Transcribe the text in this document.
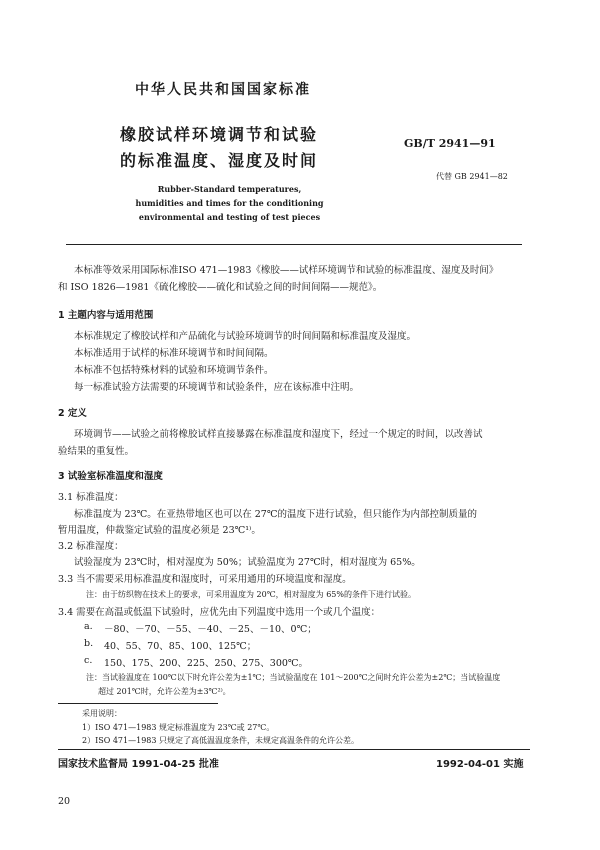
中华人民共和国国家标准
橡胶试样环境调节和试验
的标准温度、湿度及时间
GB/T 2941—91
代替 GB 2941—82
Rubber-Standard temperatures,
humidities and times for the conditioning
environmental and testing of test pieces
本标准等效采用国际标准ISO 471—1983《橡胶——试样环境调节和试验的标准温度、湿度及时间》
和 ISO 1826—1981《硫化橡胶——硫化和试验之间的时间间隔——规范》。
1 主题内容与适用范围
本标准规定了橡胶试样和产品硫化与试验环境调节的时间间隔和标准温度及湿度。
本标准适用于试样的标准环境调节和时间间隔。
本标准不包括特殊材料的试验和环境调节条件。
每一标准试验方法需要的环境调节和试验条件，应在该标准中注明。
2 定义
环境调节——试验之前将橡胶试样直接暴露在标准温度和湿度下，经过一个规定的时间，以改善试
验结果的重复性。
3 试验室标准温度和湿度
3.1 标准温度：
标准温度为 23℃。在亚热带地区也可以在 27℃的温度下进行试验，但只能作为内部控制质量的
暂用温度，仲裁鉴定试验的温度必须是 23℃¹⁾。
3.2 标准湿度：
试验湿度为 23℃时，相对湿度为 50%；试验温度为 27℃时，相对湿度为 65%。
3.3 当不需要采用标准温度和湿度时，可采用通用的环境温度和湿度。
注：由于纺织物在技术上的要求，可采用温度为 20℃，相对湿度为 65%的条件下进行试验。
3.4 需要在高温或低温下试验时，应优先由下列温度中选用一个或几个温度：
a. －80、－70、－55、－40、－25、－10、0℃；
b. 40、55、70、85、100、125℃；
c. 150、175、200、225、250、275、300℃。
注：当试验温度在 100℃以下时允许公差为±1℃；当试验温度在 101～200℃之间时允许公差为±2℃；当试验温度
超过 201℃时，允许公差为±3℃²⁾。
采用说明：
1）ISO 471—1983 规定标准温度为 23℃或 27℃。
2）ISO 471—1983 只规定了高低温温度条件，未规定高温条件的允许公差。
国家技术监督局 1991-04-25 批准	1992-04-01 实施
20
